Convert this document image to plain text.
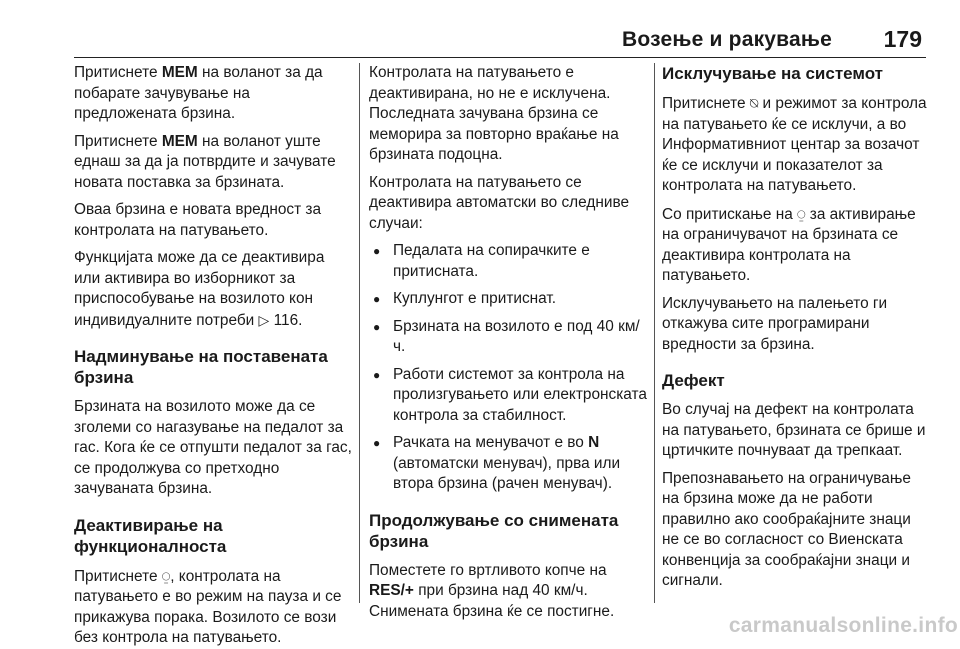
Возење и ракување 179

Притиснете MEM на воланот за да побарате зачувување на предложената брзина.

Притиснете MEM на воланот уште еднаш за да ја потврдите и зачувате новата поставка за брзината.

Оваа брзина е новата вредност за контролата на патувањето.

Функцијата може да се деактивира или активира во изборникот за приспособување на возилото кон индивидуалните потреби ▷ 116.

Надминување на поставената брзина

Брзината на возилото може да се зголеми со нагазување на педалот за гас. Кога ќе се отпушти педалот за гас, се продолжува со претходно зачуваната брзина.

Деактивирање на функционалноста

Притиснете ⍜, контролата на патувањето е во режим на пауза и се прикажува порака. Возилото се вози без контрола на патувањето.

Контролата на патувањето е деактивирана, но не е исклучена. Последната зачувана брзина се меморира за повторно враќање на брзината подоцна.

Контролата на патувањето се деактивира автоматски во следниве случаи:

● Педалата на сопирачките е притисната.
● Куплунгот е притиснат.
● Брзината на возилото е под 40 км/ч.
● Работи системот за контрола на пролизгувањето или електронската контрола за стабилност.
● Рачката на менувачот е во N (автоматски менувач), прва или втора брзина (рачен менувач).
Продолжување со снимената брзина

Поместете го вртливото копче на RES/+ при брзина над 40 км/ч. Снимената брзина ќе се постигне.

Исклучување на системот

Притиснете ⍉ и режимот за контрола на патувањето ќе се исклучи, а во Информативниот центар за возачот ќе се исклучи и показателот за контролата на патувањето.

Со притискање на ⍜ за активирање на ограничувачот на брзината се деактивира контролата на патувањето.

Исклучувањето на палењето ги откажува сите програмирани вредности за брзина.

Дефект

Во случај на дефект на контролата на патувањето, брзината се брише и цртичките почнуваат да трепкаат.

Препознавањето на ограничување на брзина може да не работи правилно ако сообраќајните знаци не се во согласност со Виенската конвенција за сообраќајни знаци и сигнали.

carmanualsonline.info
